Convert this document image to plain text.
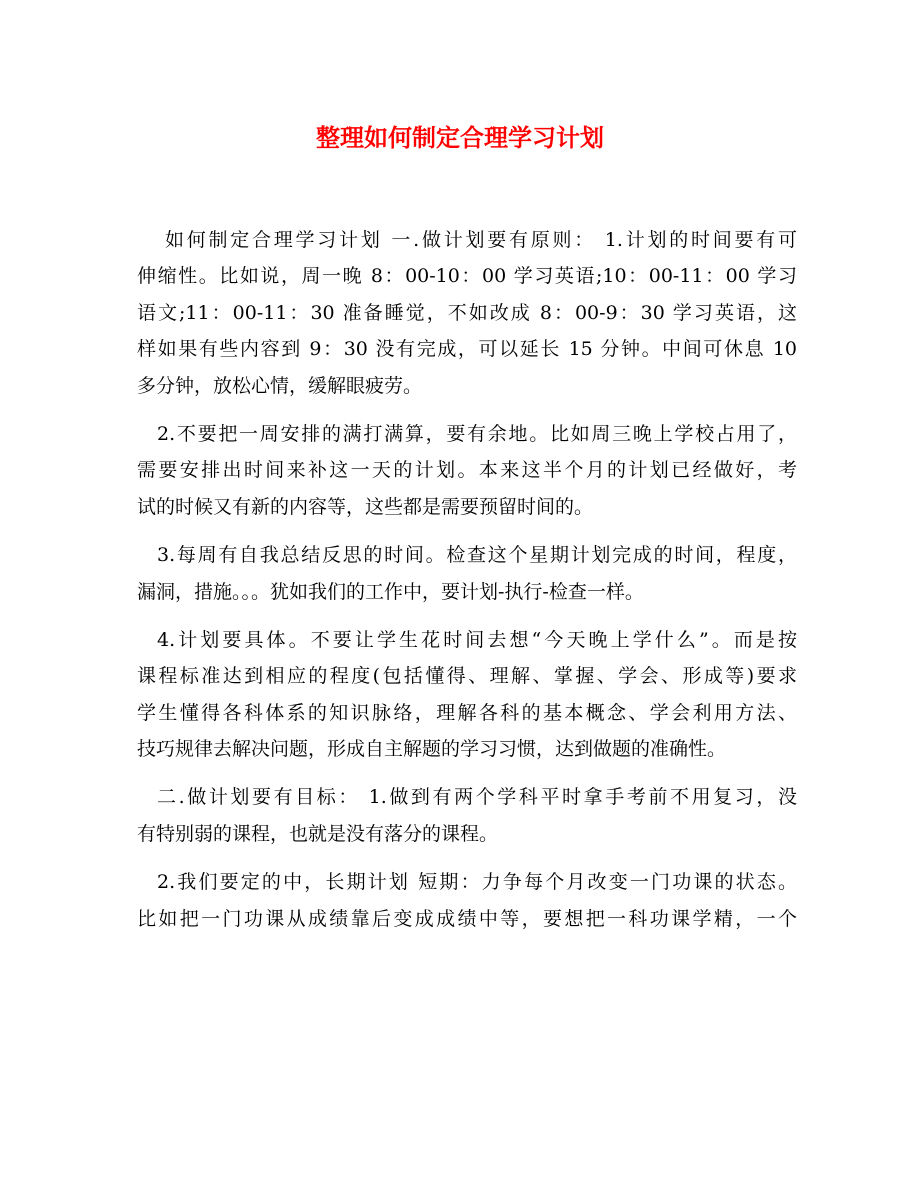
整理如何制定合理学习计划

如何制定合理学习计划 一.做计划要有原则： 1.计划的时间要有可
伸缩性。比如说，周一晚 8：00-10：00 学习英语;10：00-11：00 学习
语文;11：00-11：30 准备睡觉，不如改成 8：00-9：30 学习英语，这
样如果有些内容到 9：30 没有完成，可以延长 15 分钟。中间可休息 10
多分钟，放松心情，缓解眼疲劳。

2.不要把一周安排的满打满算，要有余地。比如周三晚上学校占用了，
需要安排出时间来补这一天的计划。本来这半个月的计划已经做好，考
试的时候又有新的内容等，这些都是需要预留时间的。

3.每周有自我总结反思的时间。检查这个星期计划完成的时间，程度，
漏洞，措施。。。犹如我们的工作中，要计划-执行-检查一样。

4.计划要具体。不要让学生花时间去想“今天晚上学什么”。而是按
课程标准达到相应的程度(包括懂得、理解、掌握、学会、形成等)要求
学生懂得各科体系的知识脉络，理解各科的基本概念、学会利用方法、
技巧规律去解决问题，形成自主解题的学习习惯，达到做题的准确性。

二.做计划要有目标： 1.做到有两个学科平时拿手考前不用复习，没
有特别弱的课程，也就是没有落分的课程。

2.我们要定的中，长期计划 短期：力争每个月改变一门功课的状态。
比如把一门功课从成绩靠后变成成绩中等，要想把一科功课学精，一个
